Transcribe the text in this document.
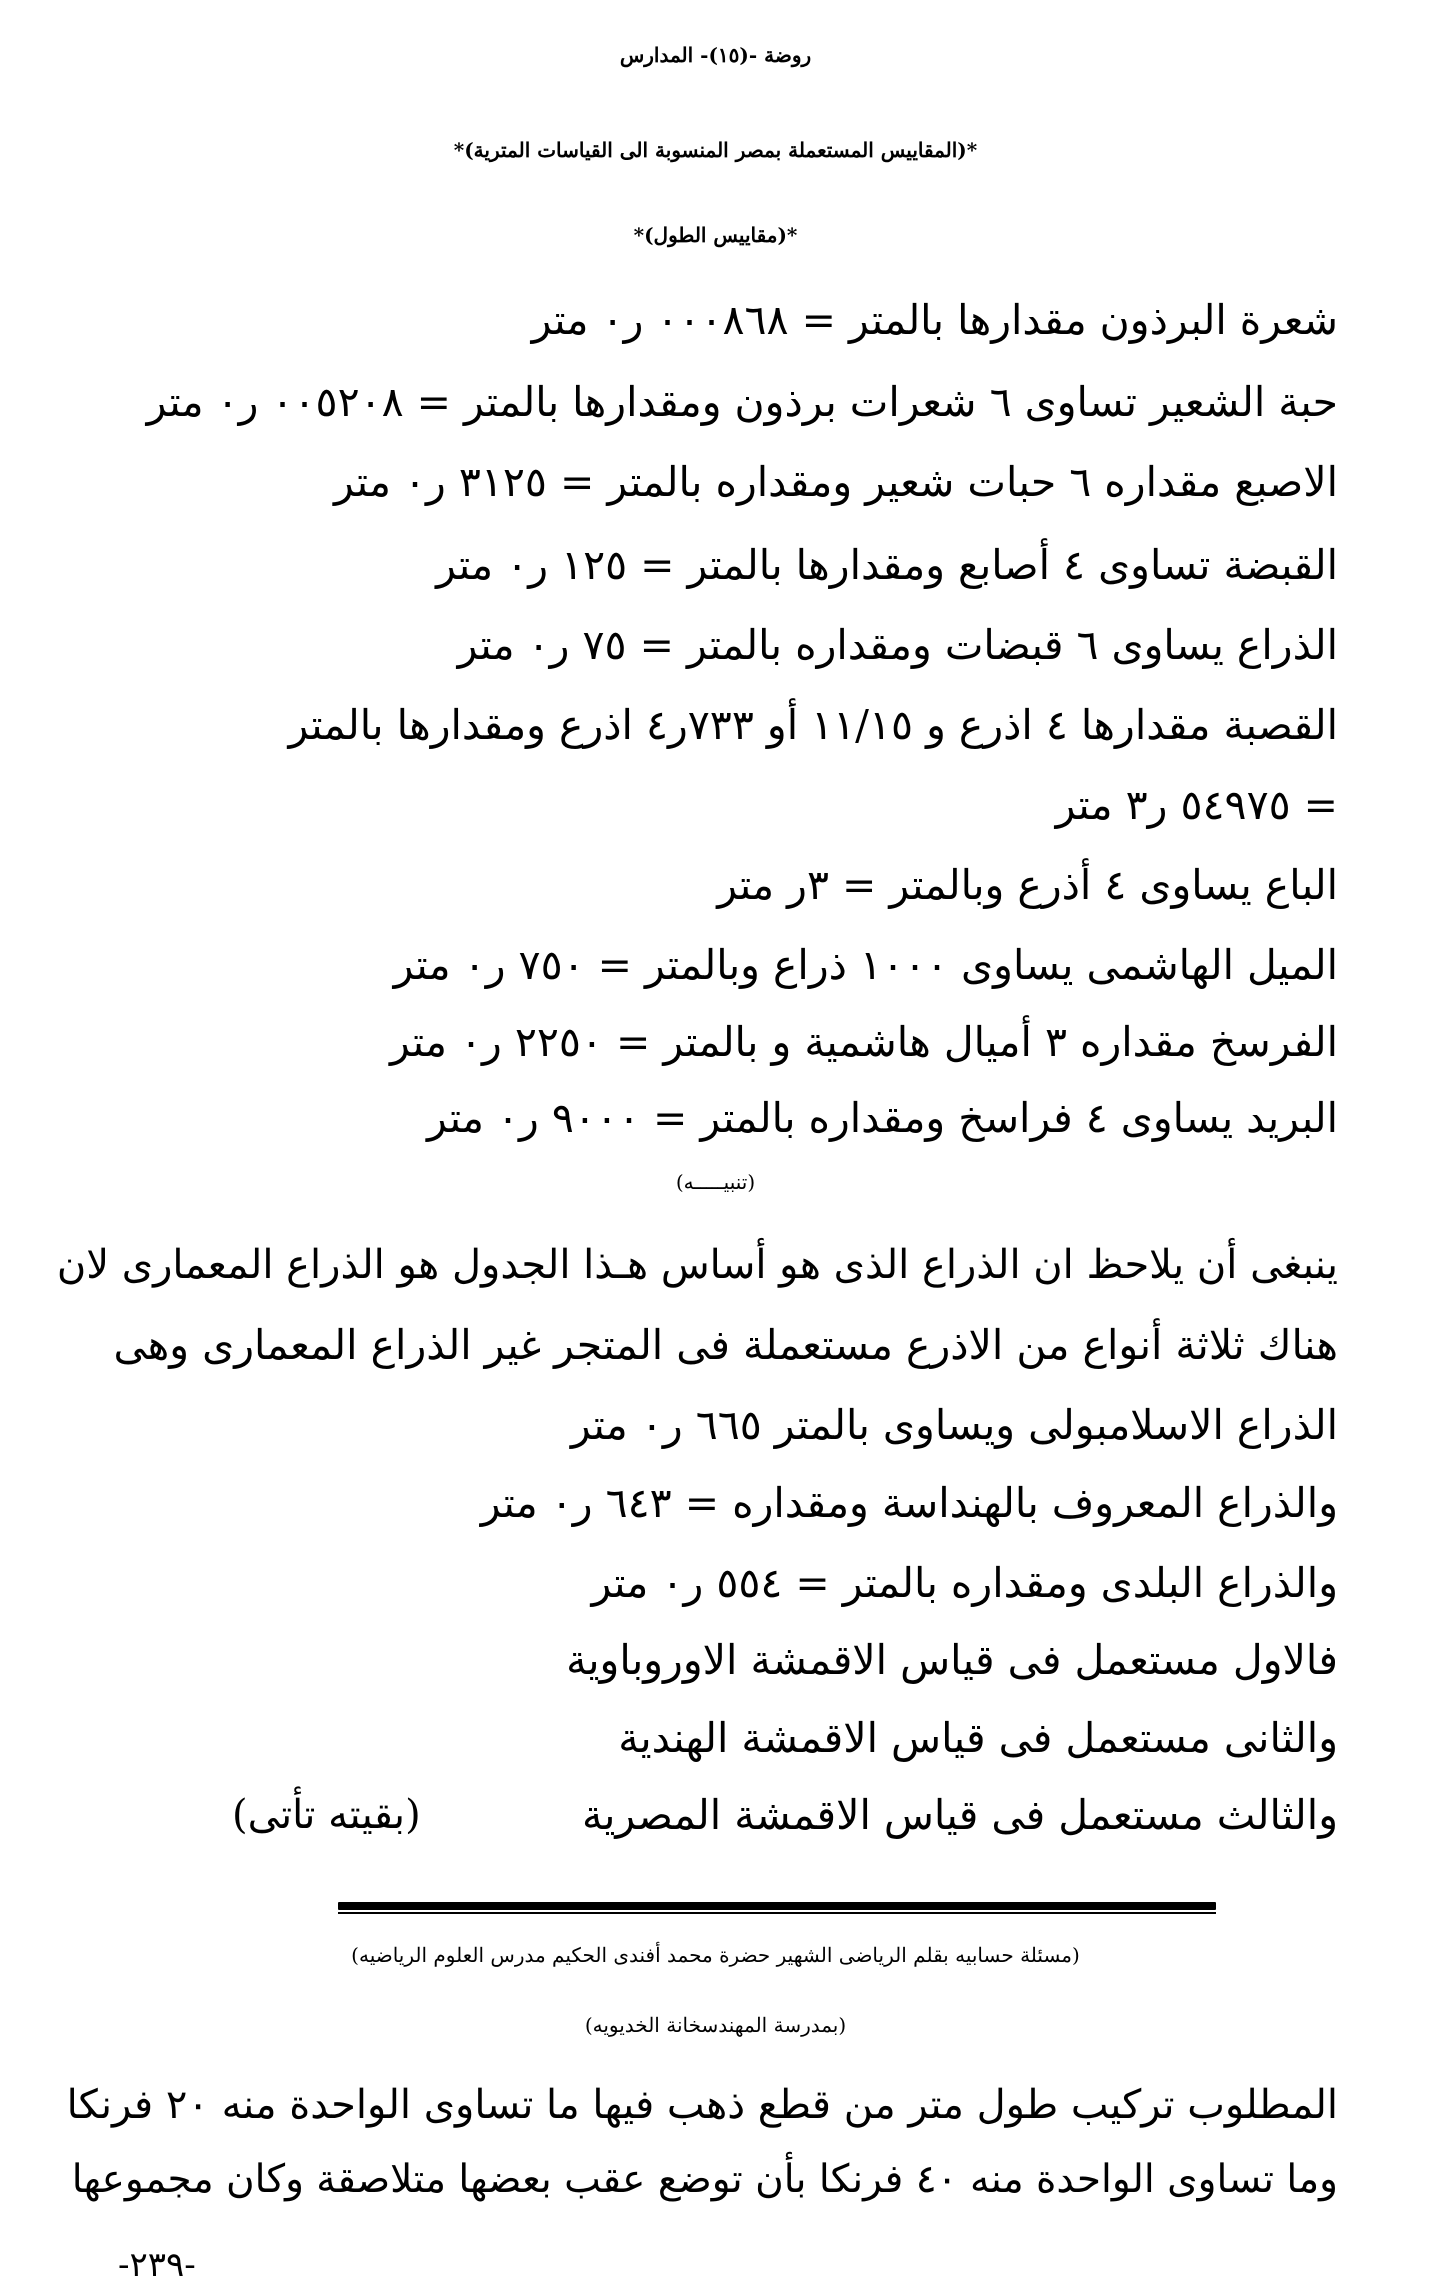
روضة -(١٥)- المدارس
*(المقاييس المستعملة بمصر المنسوبة الى القياسات المترية)*
*(مقاييس الطول)*
شعرة البرذون مقدارها بالمتر = ٠٠٠٨٦٨ ر٠ متر
حبة الشعير تساوى ٦ شعرات برذون ومقدارها بالمتر = ٠٠٥٢٠٨ ر٠ متر
الاصبع مقداره ٦ حبات شعير ومقداره بالمتر = ٣١٢٥ ر٠ متر
القبضة تساوى ٤ أصابع ومقدارها بالمتر = ١٢٥ ر٠ متر
الذراع يساوى ٦ قبضات ومقداره بالمتر = ٧٥ ر٠ متر
القصبة مقدارها ٤ اذرع و ١١/١٥ أو ٧٣٣ر٤ اذرع ومقدارها بالمتر
= ٥٤٩٧٥ ر٣ متر
الباع يساوى ٤ أذرع وبالمتر = ٣ر متر
الميل الهاشمى يساوى ١٠٠٠ ذراع وبالمتر = ٧٥٠ ر٠ متر
الفرسخ مقداره ٣ أميال هاشمية و بالمتر = ٢٢٥٠ ر٠ متر
البريد يساوى ٤ فراسخ ومقداره بالمتر = ٩٠٠٠ ر٠ متر
(تنبيـــــه)
ينبغى أن يلاحظ ان الذراع الذى هو أساس هـذا الجدول هو الذراع المعمارى لان
هناك ثلاثة أنواع من الاذرع مستعملة فى المتجر غير الذراع المعمارى وهى
الذراع الاسلامبولى ويساوى بالمتر ٦٦٥ ر٠ متر
والذراع المعروف بالهنداسة ومقداره = ٦٤٣ ر٠ متر
والذراع البلدى ومقداره بالمتر = ٥٥٤ ر٠ متر
فالاول مستعمل فى قياس الاقمشة الاوروباوية
والثانى مستعمل فى قياس الاقمشة الهندية
والثالث مستعمل فى قياس الاقمشة المصرية
(بقيته تأتى)
(مسئلة حسابيه بقلم الرياضى الشهير حضرة محمد أفندى الحكيم مدرس العلوم الرياضيه)
(بمدرسة المهندسخانة الخديويه)
المطلوب تركيب طول متر من قطع ذهب فيها ما تساوى الواحدة منه ٢٠ فرنكا
وما تساوى الواحدة منه ٤٠ فرنكا بأن توضع عقب بعضها متلاصقة وكان مجموعها
-٢٣٩-
